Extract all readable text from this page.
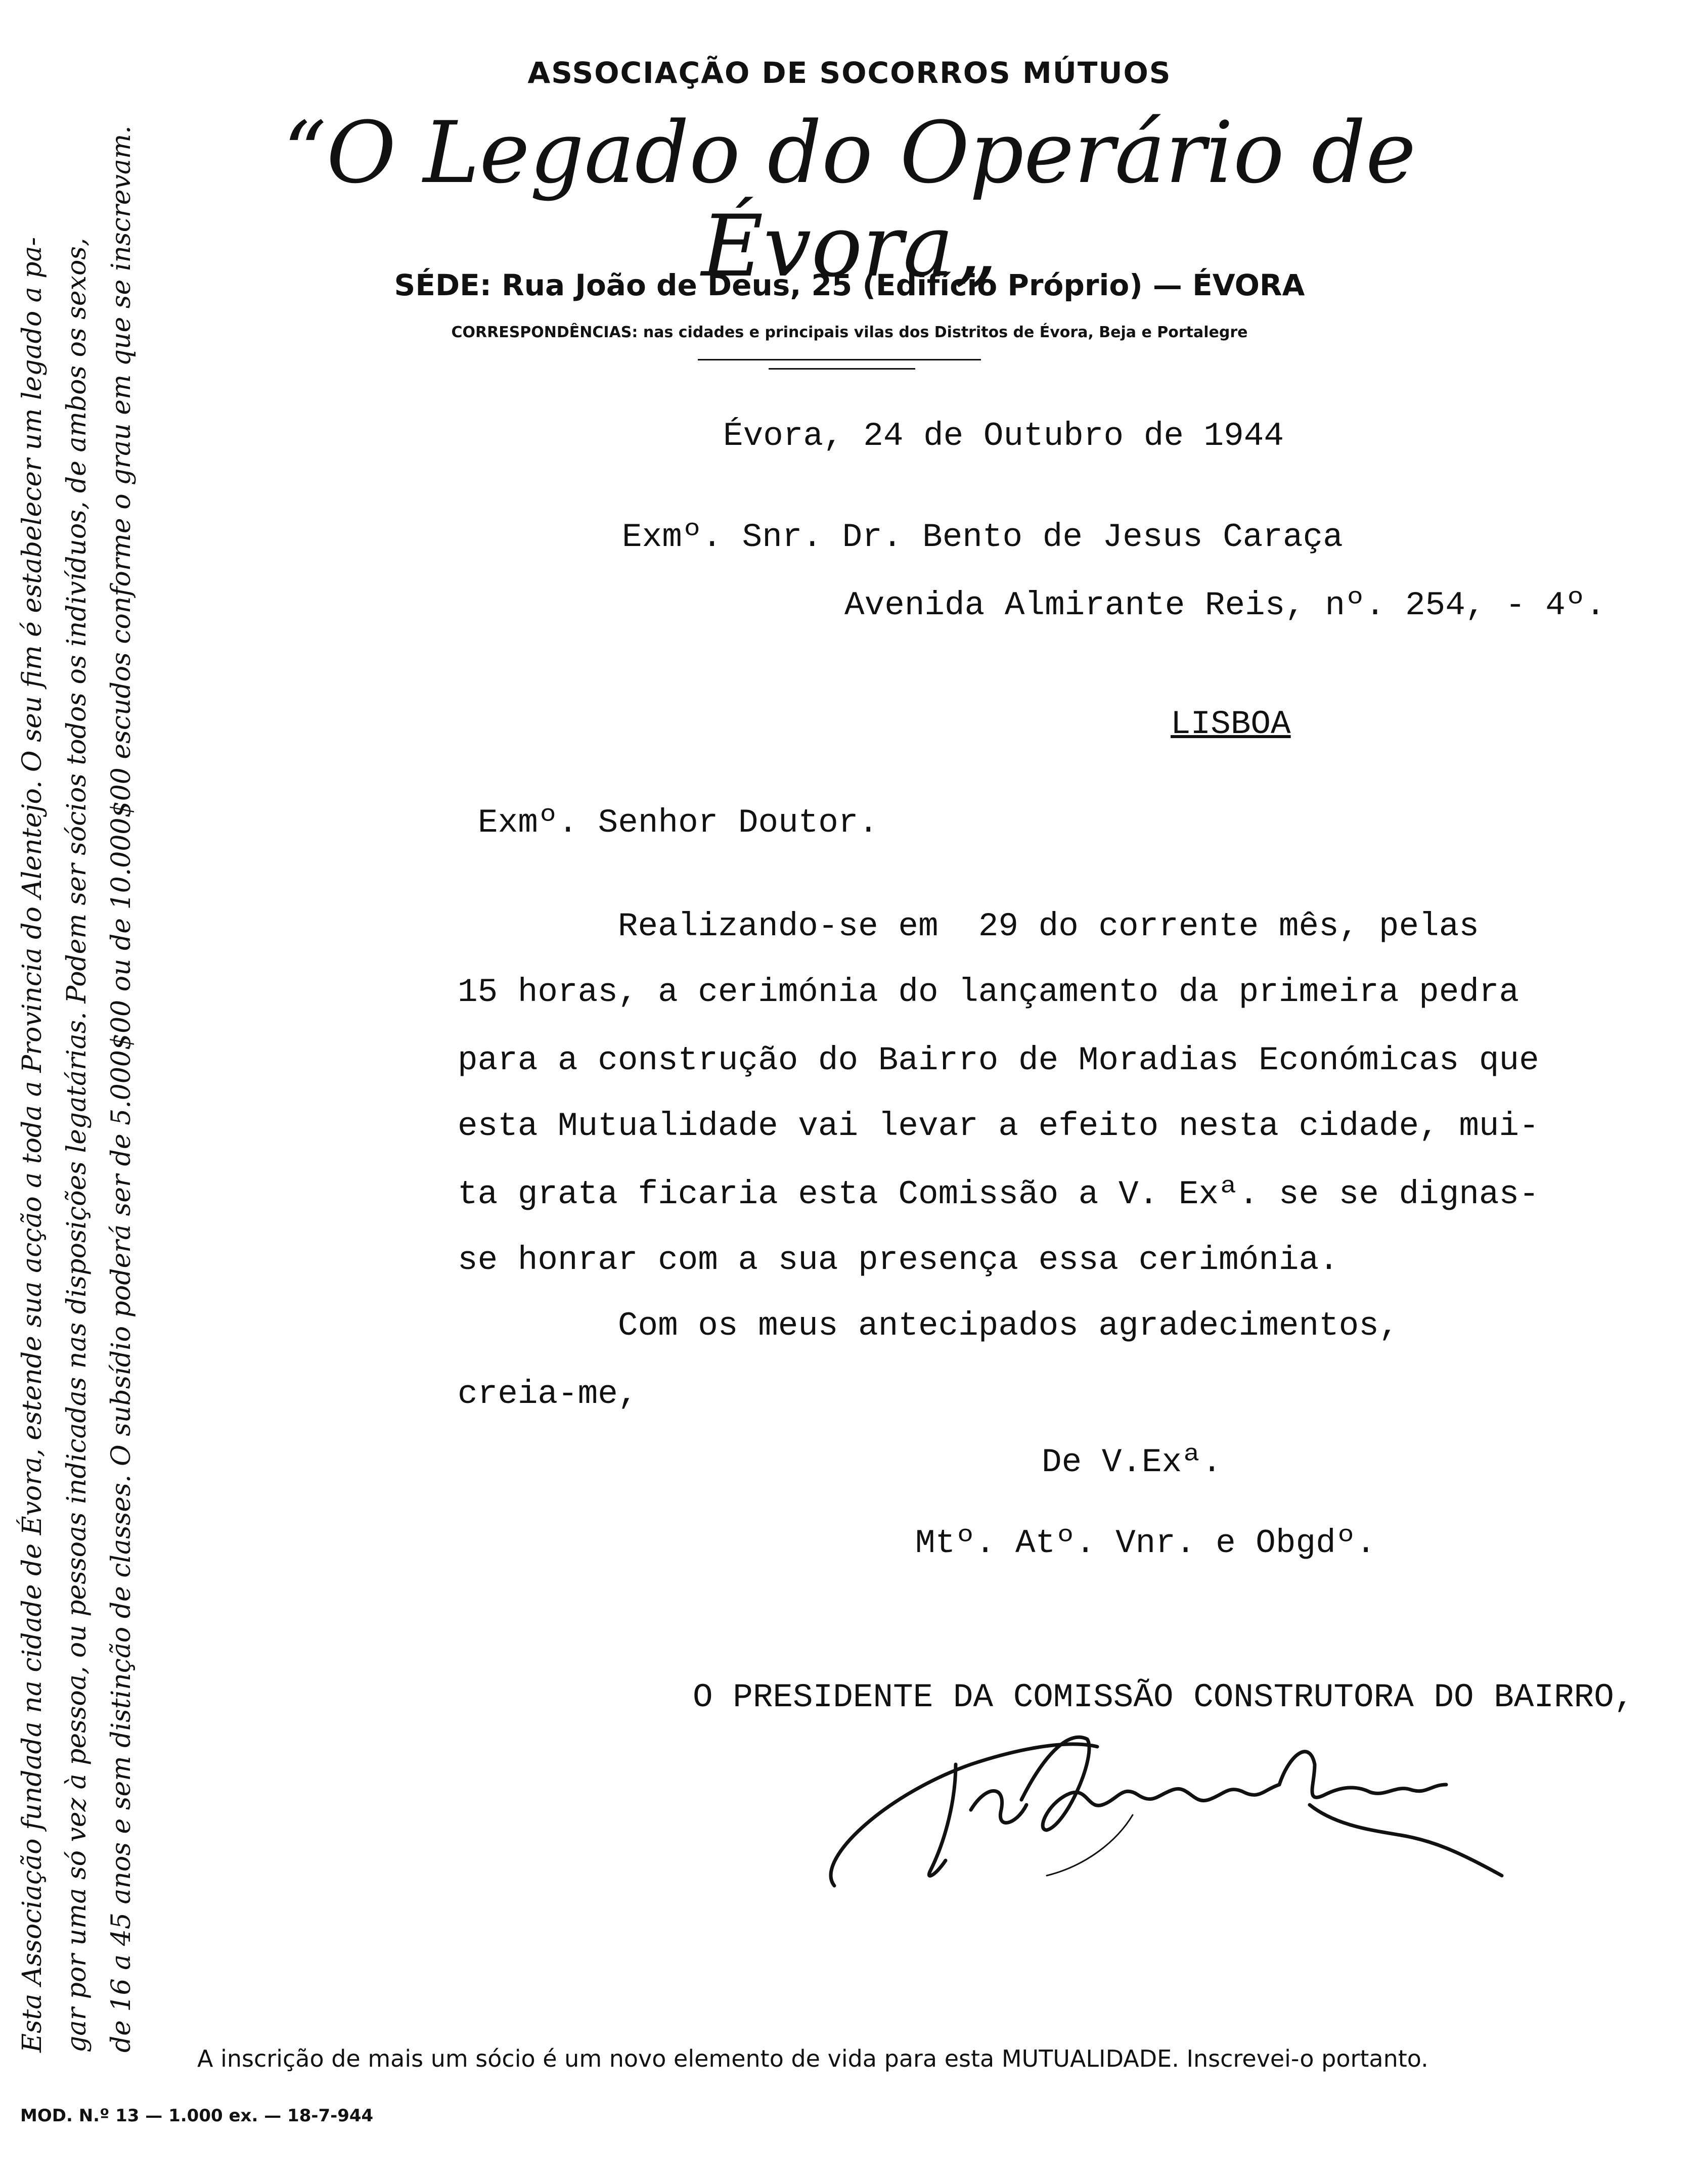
ASSOCIAÇÃO DE SOCORROS MÚTUOS
“O Legado do Operário de Évora„
SÉDE: Rua João de Deus, 25 (Edifício Próprio) — ÉVORA
CORRESPONDÊNCIAS: nas cidades e principais vilas dos Distritos de Évora, Beja e Portalegre
Évora, 24 de Outubro de 1944
Exmº. Snr. Dr. Bento de Jesus Caraça
Avenida Almirante Reis, nº. 254, - 4º.
LISBOA
Exmº. Senhor Doutor.
Realizando-se em  29 do corrente mês, pelas
15 horas, a cerimónia do lançamento da primeira pedra
para a construção do Bairro de Moradias Económicas que
esta Mutualidade vai levar a efeito nesta cidade, mui-
ta grata ficaria esta Comissão a V. Exª. se se dignas-
se honrar com a sua presença essa cerimónia.
Com os meus antecipados agradecimentos,
creia-me,
De V.Exª.
Mtº. Atº. Vnr. e Obgdº.
O PRESIDENTE DA COMISSÃO CONSTRUTORA DO BAIRRO,
Esta Associação fundada na cidade de Évora, estende sua acção a toda a Provincia do Alentejo. O seu fim é estabelecer um legado a pa- gar por uma só vez à pessoa, ou pessoas indicadas nas disposições legatárias. Podem ser sócios todos os indivíduos, de ambos os sexos, de 16 a 45 anos e sem distinção de classes. O subsídio poderá ser de 5.000$00 ou de 10.000$00 escudos conforme o grau em que se inscrevam.
A inscrição de mais um sócio é um novo elemento de vida para esta MUTUALIDADE. Inscrevei-o portanto.
MOD. N.º 13 — 1.000 ex. — 18-7-944
